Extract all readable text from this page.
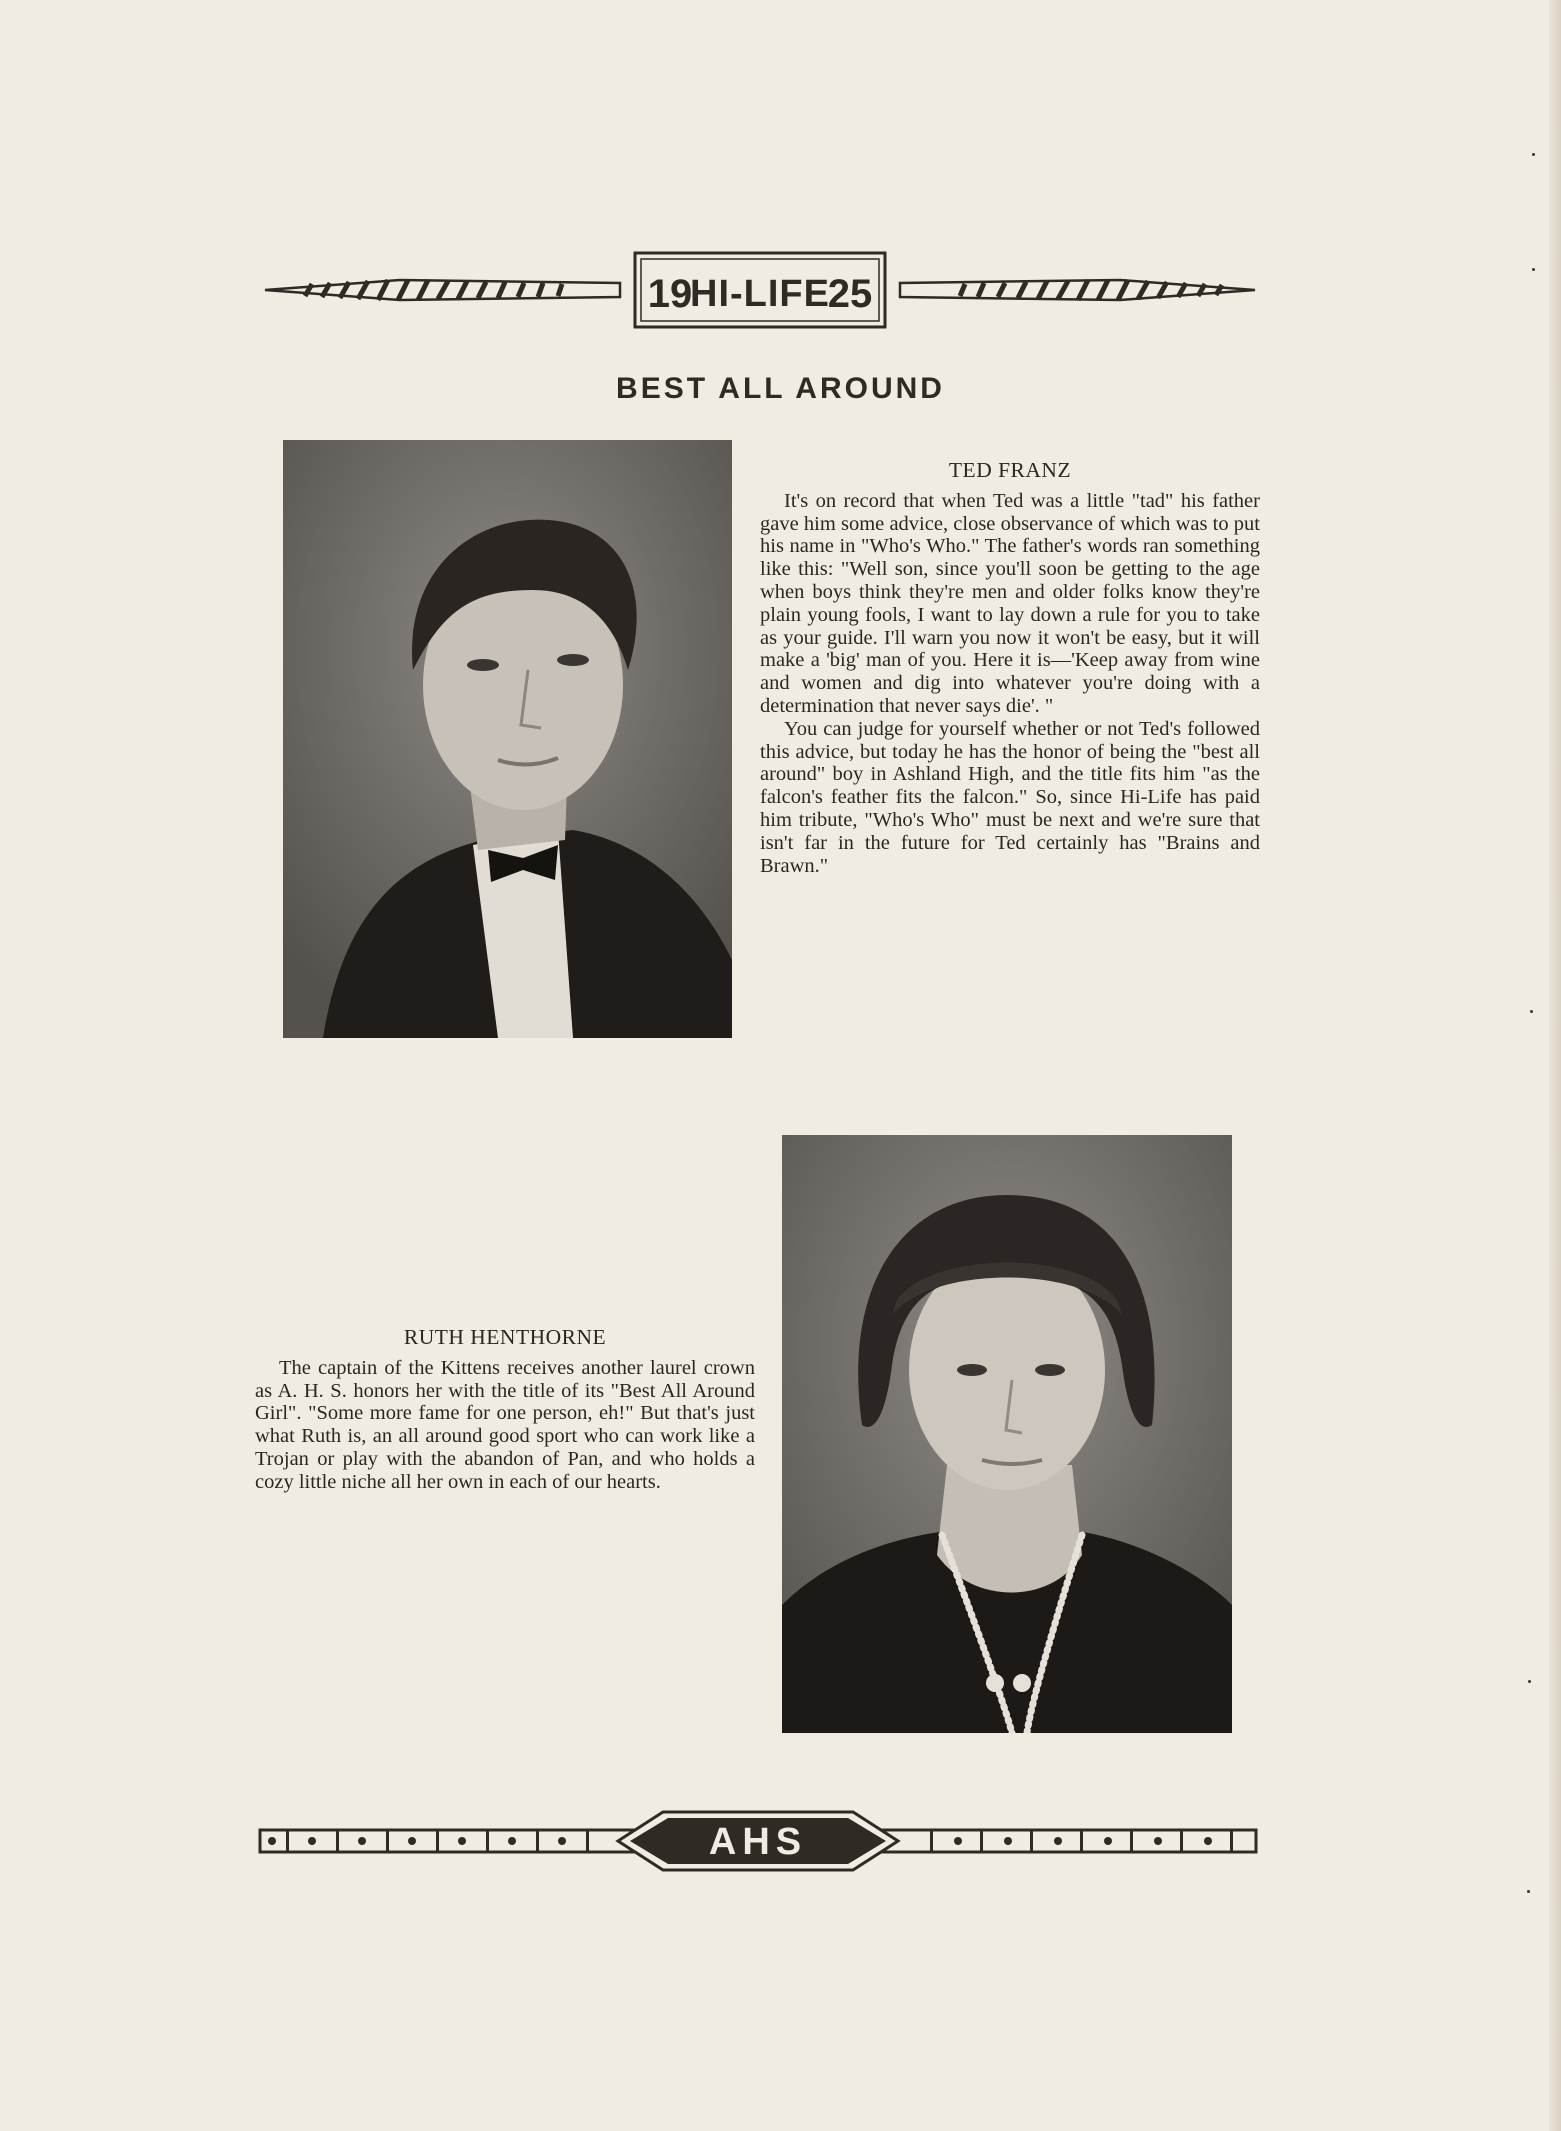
19
HI-LIFE
25
BEST ALL AROUND
TED FRANZ

It's on record that when Ted was a little "tad" his father gave him some advice, close observance of which was to put his name in "Who's Who." The father's words ran something like this: "Well son, since you'll soon be getting to the age when boys think they're men and older folks know they're plain young fools, I want to lay down a rule for you to take as your guide. I'll warn you now it won't be easy, but it will make a 'big' man of you. Here it is—'Keep away from wine and women and dig into whatever you're doing with a determination that never says die'. "

You can judge for yourself whether or not Ted's followed this advice, but today he has the honor of being the "best all around" boy in Ashland High, and the title fits him "as the falcon's feather fits the falcon." So, since Hi-Life has paid him tribute, "Who's Who" must be next and we're sure that isn't far in the future for Ted certainly has "Brains and Brawn."

RUTH HENTHORNE

The captain of the Kittens receives another laurel crown as A. H. S. honors her with the title of its "Best All Around Girl". "Some more fame for one person, eh!" But that's just what Ruth is, an all around good sport who can work like a Trojan or play with the abandon of Pan, and who holds a cozy little niche all her own in each of our hearts.

AHS
